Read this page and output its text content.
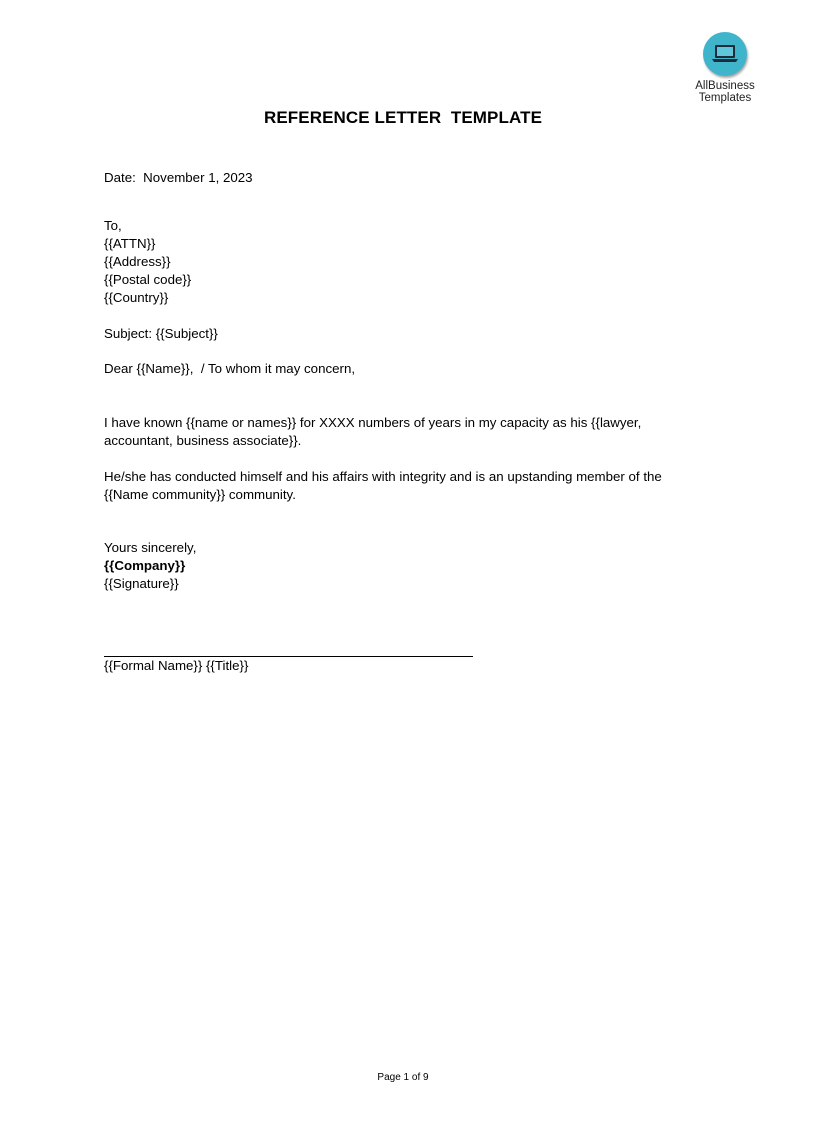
AllBusiness
Templates
REFERENCE LETTER  TEMPLATE
Date:  November 1, 2023
To,
{{ATTN}}
{{Address}}
{{Postal code}}
{{Country}}
Subject: {{Subject}}
Dear {{Name}},  / To whom it may concern,
I have known {{name or names}} for XXXX numbers of years in my capacity as his {{lawyer,
accountant, business associate}}.
He/she has conducted himself and his affairs with integrity and is an upstanding member of the
{{Name community}} community.
Yours sincerely,
{{Company}}
{{Signature}}
{{Formal Name}} {{Title}}
Page 1 of 9
